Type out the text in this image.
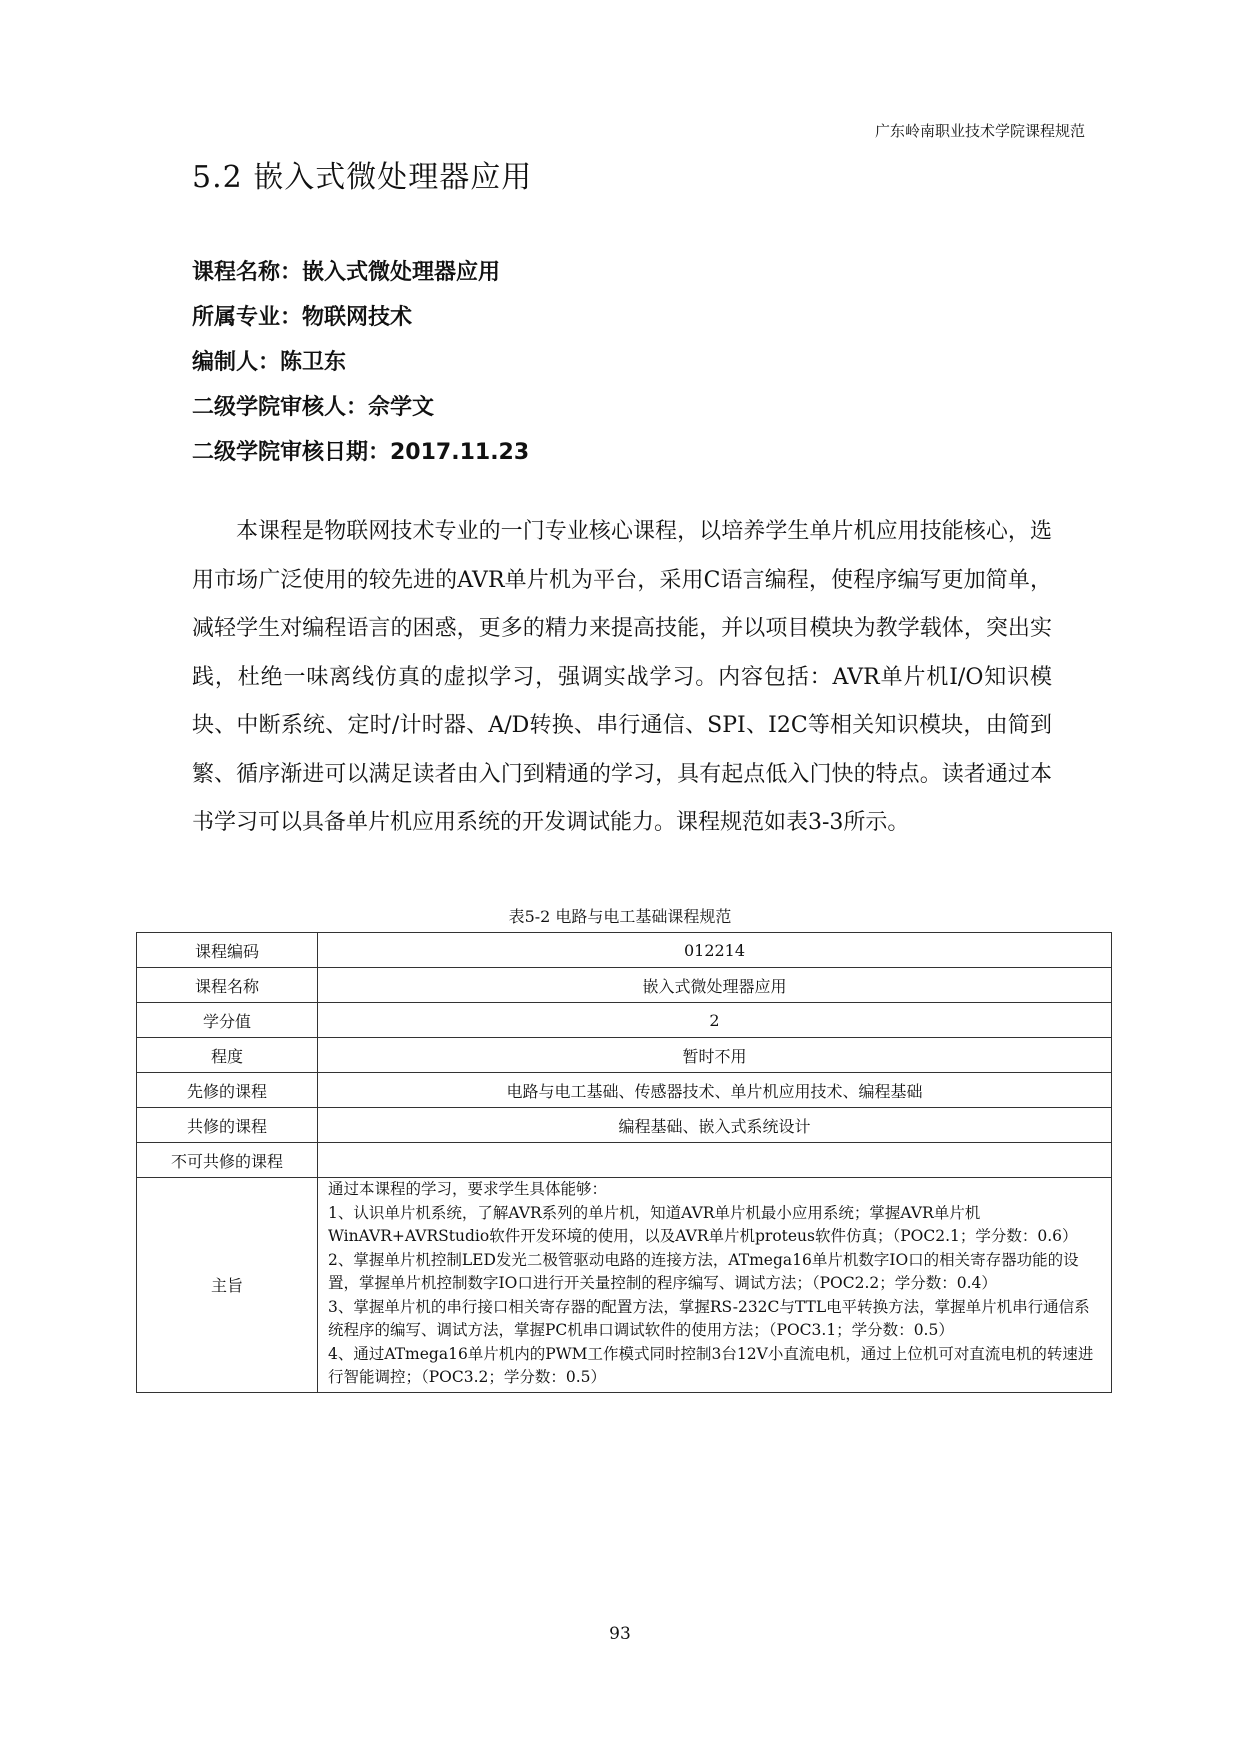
广东岭南职业技术学院课程规范
5.2 嵌入式微处理器应用
课程名称：嵌入式微处理器应用
所属专业：物联网技术
编制人：陈卫东
二级学院审核人：佘学文
二级学院审核日期：2017.11.23

本课程是物联网技术专业的一门专业核心课程，以培养学生单片机应用技能核心，选用市场广泛使用的较先进的AVR单片机为平台，采用C语言编程，使程序编写更加简单，减轻学生对编程语言的困惑，更多的精力来提高技能，并以项目模块为教学载体，突出实践，杜绝一味离线仿真的虚拟学习，强调实战学习。内容包括：AVR单片机I/O知识模块、中断系统、定时/计时器、A/D转换、串行通信、SPI、I2C等相关知识模块，由简到繁、循序渐进可以满足读者由入门到精通的学习，具有起点低入门快的特点。读者通过本书学习可以具备单片机应用系统的开发调试能力。课程规范如表3-3所示。

表5-2 电路与电工基础课程规范
课程编码	012214
课程名称	嵌入式微处理器应用
学分值	2
程度	暂时不用
先修的课程	电路与电工基础、传感器技术、单片机应用技术、编程基础
共修的课程	编程基础、嵌入式系统设计
不可共修的课程	
主旨	通过本课程的学习，要求学生具体能够：
1、认识单片机系统，了解AVR系列的单片机，知道AVR单片机最小应用系统；掌握AVR单片机WinAVR+AVRStudio软件开发环境的使用，以及AVR单片机proteus软件仿真；（POC2.1；学分数：0.6）
2、掌握单片机控制LED发光二极管驱动电路的连接方法，ATmega16单片机数字IO口的相关寄存器功能的设置，掌握单片机控制数字IO口进行开关量控制的程序编写、调试方法；（POC2.2；学分数：0.4）
3、掌握单片机的串行接口相关寄存器的配置方法，掌握RS-232C与TTL电平转换方法，掌握单片机串行通信系统程序的编写、调试方法，掌握PC机串口调试软件的使用方法；（POC3.1；学分数：0.5）
4、通过ATmega16单片机内的PWM工作模式同时控制3台12V小直流电机，通过上位机可对直流电机的转速进行智能调控；（POC3.2；学分数：0.5）
93
